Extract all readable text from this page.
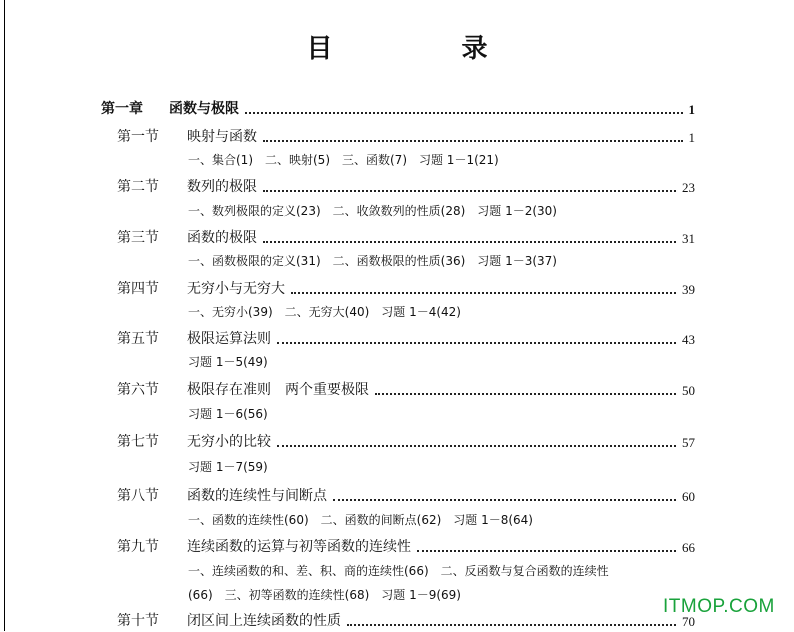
目 录
第一章	函数与极限	1
第一节	映射与函数	1
一、集合(1)　二、映射(5)　三、函数(7)　习题 1－1(21)
第二节	数列的极限	23
一、数列极限的定义(23)　二、收敛数列的性质(28)　习题 1－2(30)
第三节	函数的极限	31
一、函数极限的定义(31)　二、函数极限的性质(36)　习题 1－3(37)
第四节	无穷小与无穷大	39
一、无穷小(39)　二、无穷大(40)　习题 1－4(42)
第五节	极限运算法则	43
习题 1－5(49)
第六节	极限存在准则　两个重要极限	50
习题 1－6(56)
第七节	无穷小的比较	57
习题 1－7(59)
第八节	函数的连续性与间断点	60
一、函数的连续性(60)　二、函数的间断点(62)　习题 1－8(64)
第九节	连续函数的运算与初等函数的连续性	66
一、连续函数的和、差、积、商的连续性(66)　二、反函数与复合函数的连续性
(66)　三、初等函数的连续性(68)　习题 1－9(69)
第十节	闭区间上连续函数的性质	70
ITMOP.COM
